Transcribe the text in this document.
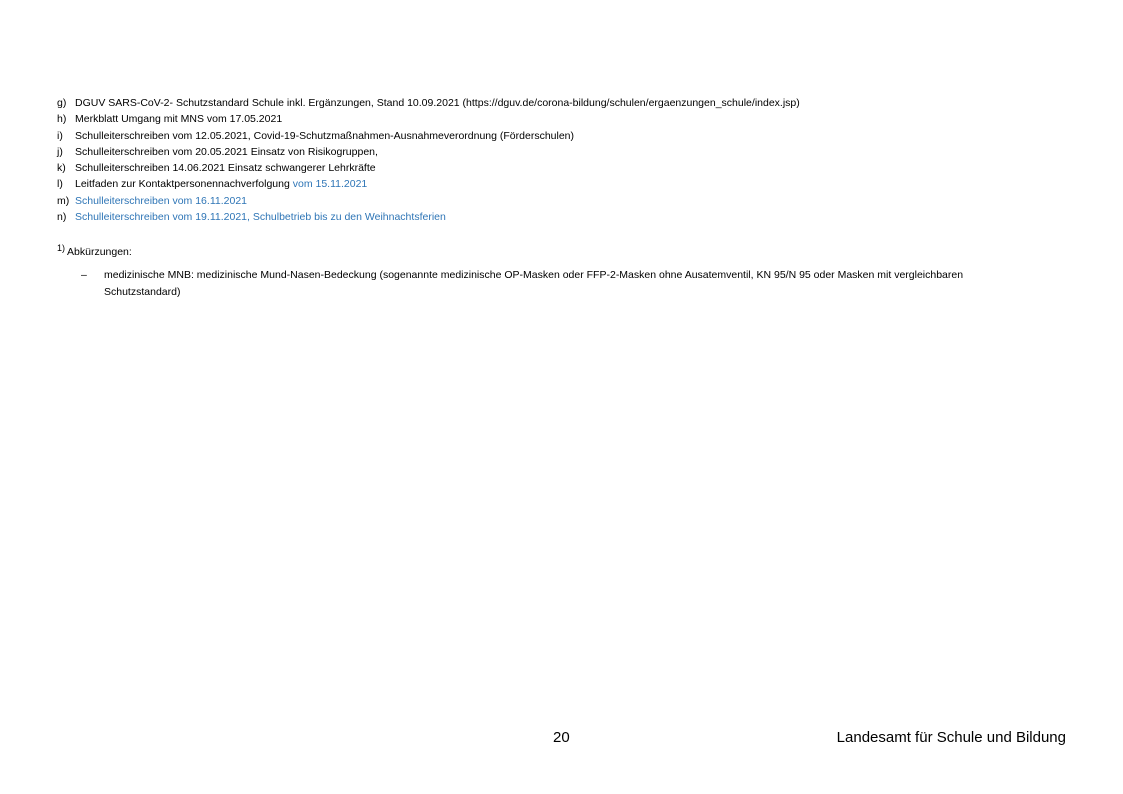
g) DGUV SARS-CoV-2- Schutzstandard Schule inkl. Ergänzungen, Stand 10.09.2021 (https://dguv.de/corona-bildung/schulen/ergaenzungen_schule/index.jsp)
h) Merkblatt Umgang mit MNS vom 17.05.2021
i) Schulleiterschreiben vom 12.05.2021, Covid-19-Schutzmaßnahmen-Ausnahmeverordnung (Förderschulen)
j) Schulleiterschreiben vom 20.05.2021 Einsatz von Risikogruppen,
k) Schulleiterschreiben 14.06.2021 Einsatz schwangerer Lehrkräfte
l) Leitfaden zur Kontaktpersonennachverfolgung vom 15.11.2021
m) Schulleiterschreiben vom 16.11.2021
n) Schulleiterschreiben vom 19.11.2021, Schulbetrieb bis zu den Weihnachtsferien
$^{1)}$ Abkürzungen:
– medizinische MNB: medizinische Mund-Nasen-Bedeckung (sogenannte medizinische OP-Masken oder FFP-2-Masken ohne Ausatemventil, KN 95/N 95 oder Masken mit vergleichbaren Schutzstandard)
20	Landesamt für Schule und Bildung
